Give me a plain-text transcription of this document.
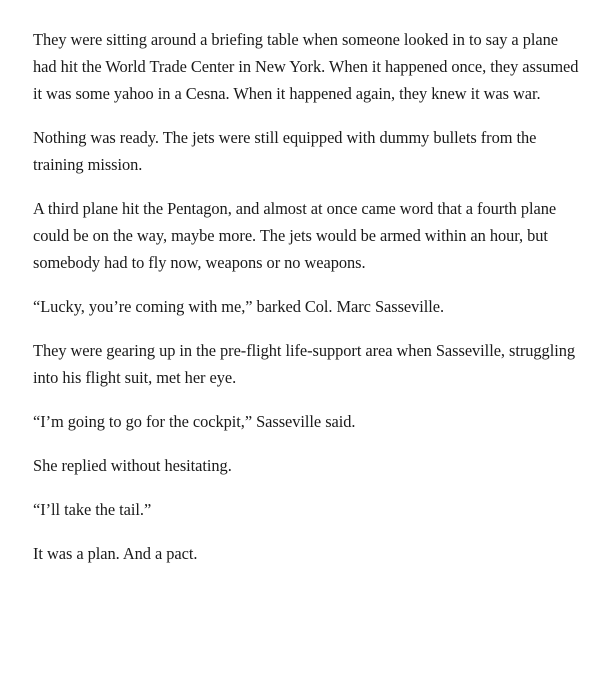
They were sitting around a briefing table when someone looked in to say a plane had hit the World Trade Center in New York. When it happened once, they assumed it was some yahoo in a Cesna. When it happened again, they knew it was war.

Nothing was ready. The jets were still equipped with dummy bullets from the training mission.

A third plane hit the Pentagon, and almost at once came word that a fourth plane could be on the way, maybe more. The jets would be armed within an hour, but somebody had to fly now, weapons or no weapons.

“Lucky, you’re coming with me,” barked Col. Marc Sasseville.

They were gearing up in the pre-flight life-support area when Sasseville, struggling into his flight suit, met her eye.

“I’m going to go for the cockpit,” Sasseville said.

She replied without hesitating.

“I’ll take the tail.”

It was a plan. And a pact.
